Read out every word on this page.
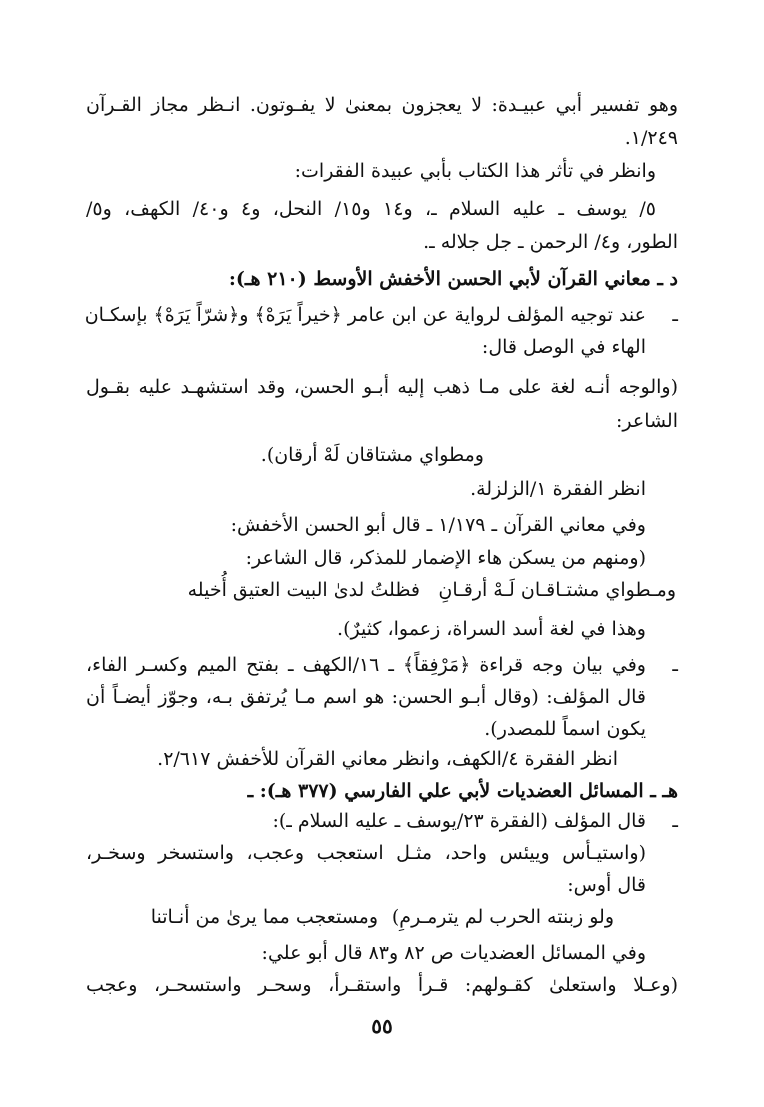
وهو تفسير أبي عبيـدة: لا يعجزون بمعنىٰ لا يفـوتون. انـظر مجاز القـرآن
١/٢٤٩.
وانظر في تأثر هذا الكتاب بأبي عبيدة الفقرات:
٥/ يوسف ـ عليه السلام ـ، و١٤ و١٥/ النحل، و٤ و٤٠/ الكهف، و٥/
الطور، و٤/ الرحمن ـ جل جلاله ـ.
د ـ معاني القرآن لأبي الحسن الأخفش الأوسط (٢١٠ هـ):
ـ
عند توجيه المؤلف لرواية عن ابن عامر ﴿خيراً يَرَهْ﴾ و﴿شرّاً يَرَهْ﴾ بإسكـان
الهاء في الوصل قال:
(والوجه أنـه لغة على مـا ذهب إليه أبـو الحسن، وقد استشهـد عليه بقـول
الشاعر:
ومطواي مشتاقان لَهْ أرقان).
انظر الفقرة ١/الزلزلة.
وفي معاني القرآن ـ ١/١٧٩ ـ قال أبو الحسن الأخفش:
(ومنهم من يسكن هاء الإضمار للمذكر، قال الشاعر:
فظلتُ لدىٰ البيت العتيق أُخيله ومـطواي مشتـاقـان لَـهْ أرقـانِ
وهذا في لغة أسد السراة، زعموا، كثيرٌ).
ـ
وفي بيان وجه قراءة ﴿مَرْفِقاً﴾ ـ ١٦/الكهف ـ بفتح الميم وكسـر الفاء،
قال المؤلف: (وقال أبـو الحسن: هو اسم مـا يُرتفق بـه، وجوّز أيضـاً أن
يكون اسماً للمصدر).
انظر الفقرة ٤/الكهف، وانظر معاني القرآن للأخفش ٢/٦١٧.
هـ ـ المسائل العضديات لأبي علي الفارسي (٣٧٧ هـ): ـ
ـ
قال المؤلف (الفقرة ٢٣/يوسف ـ عليه السلام ـ):
(واستيـأس وييئس واحد، مثـل استعجب وعجب، واستسخر وسخـر،
قال أوس:
ومستعجب مما يرىٰ من أنـاتنا ولو زبنته الحرب لم يترمـرمِ)
وفي المسائل العضديات ص ٨٢ و٨٣ قال أبو علي:
(وعـلا واستعلىٰ كقـولهم: قـرأ واستقـرأ، وسحـر واستسحـر، وعجب
٥٥
